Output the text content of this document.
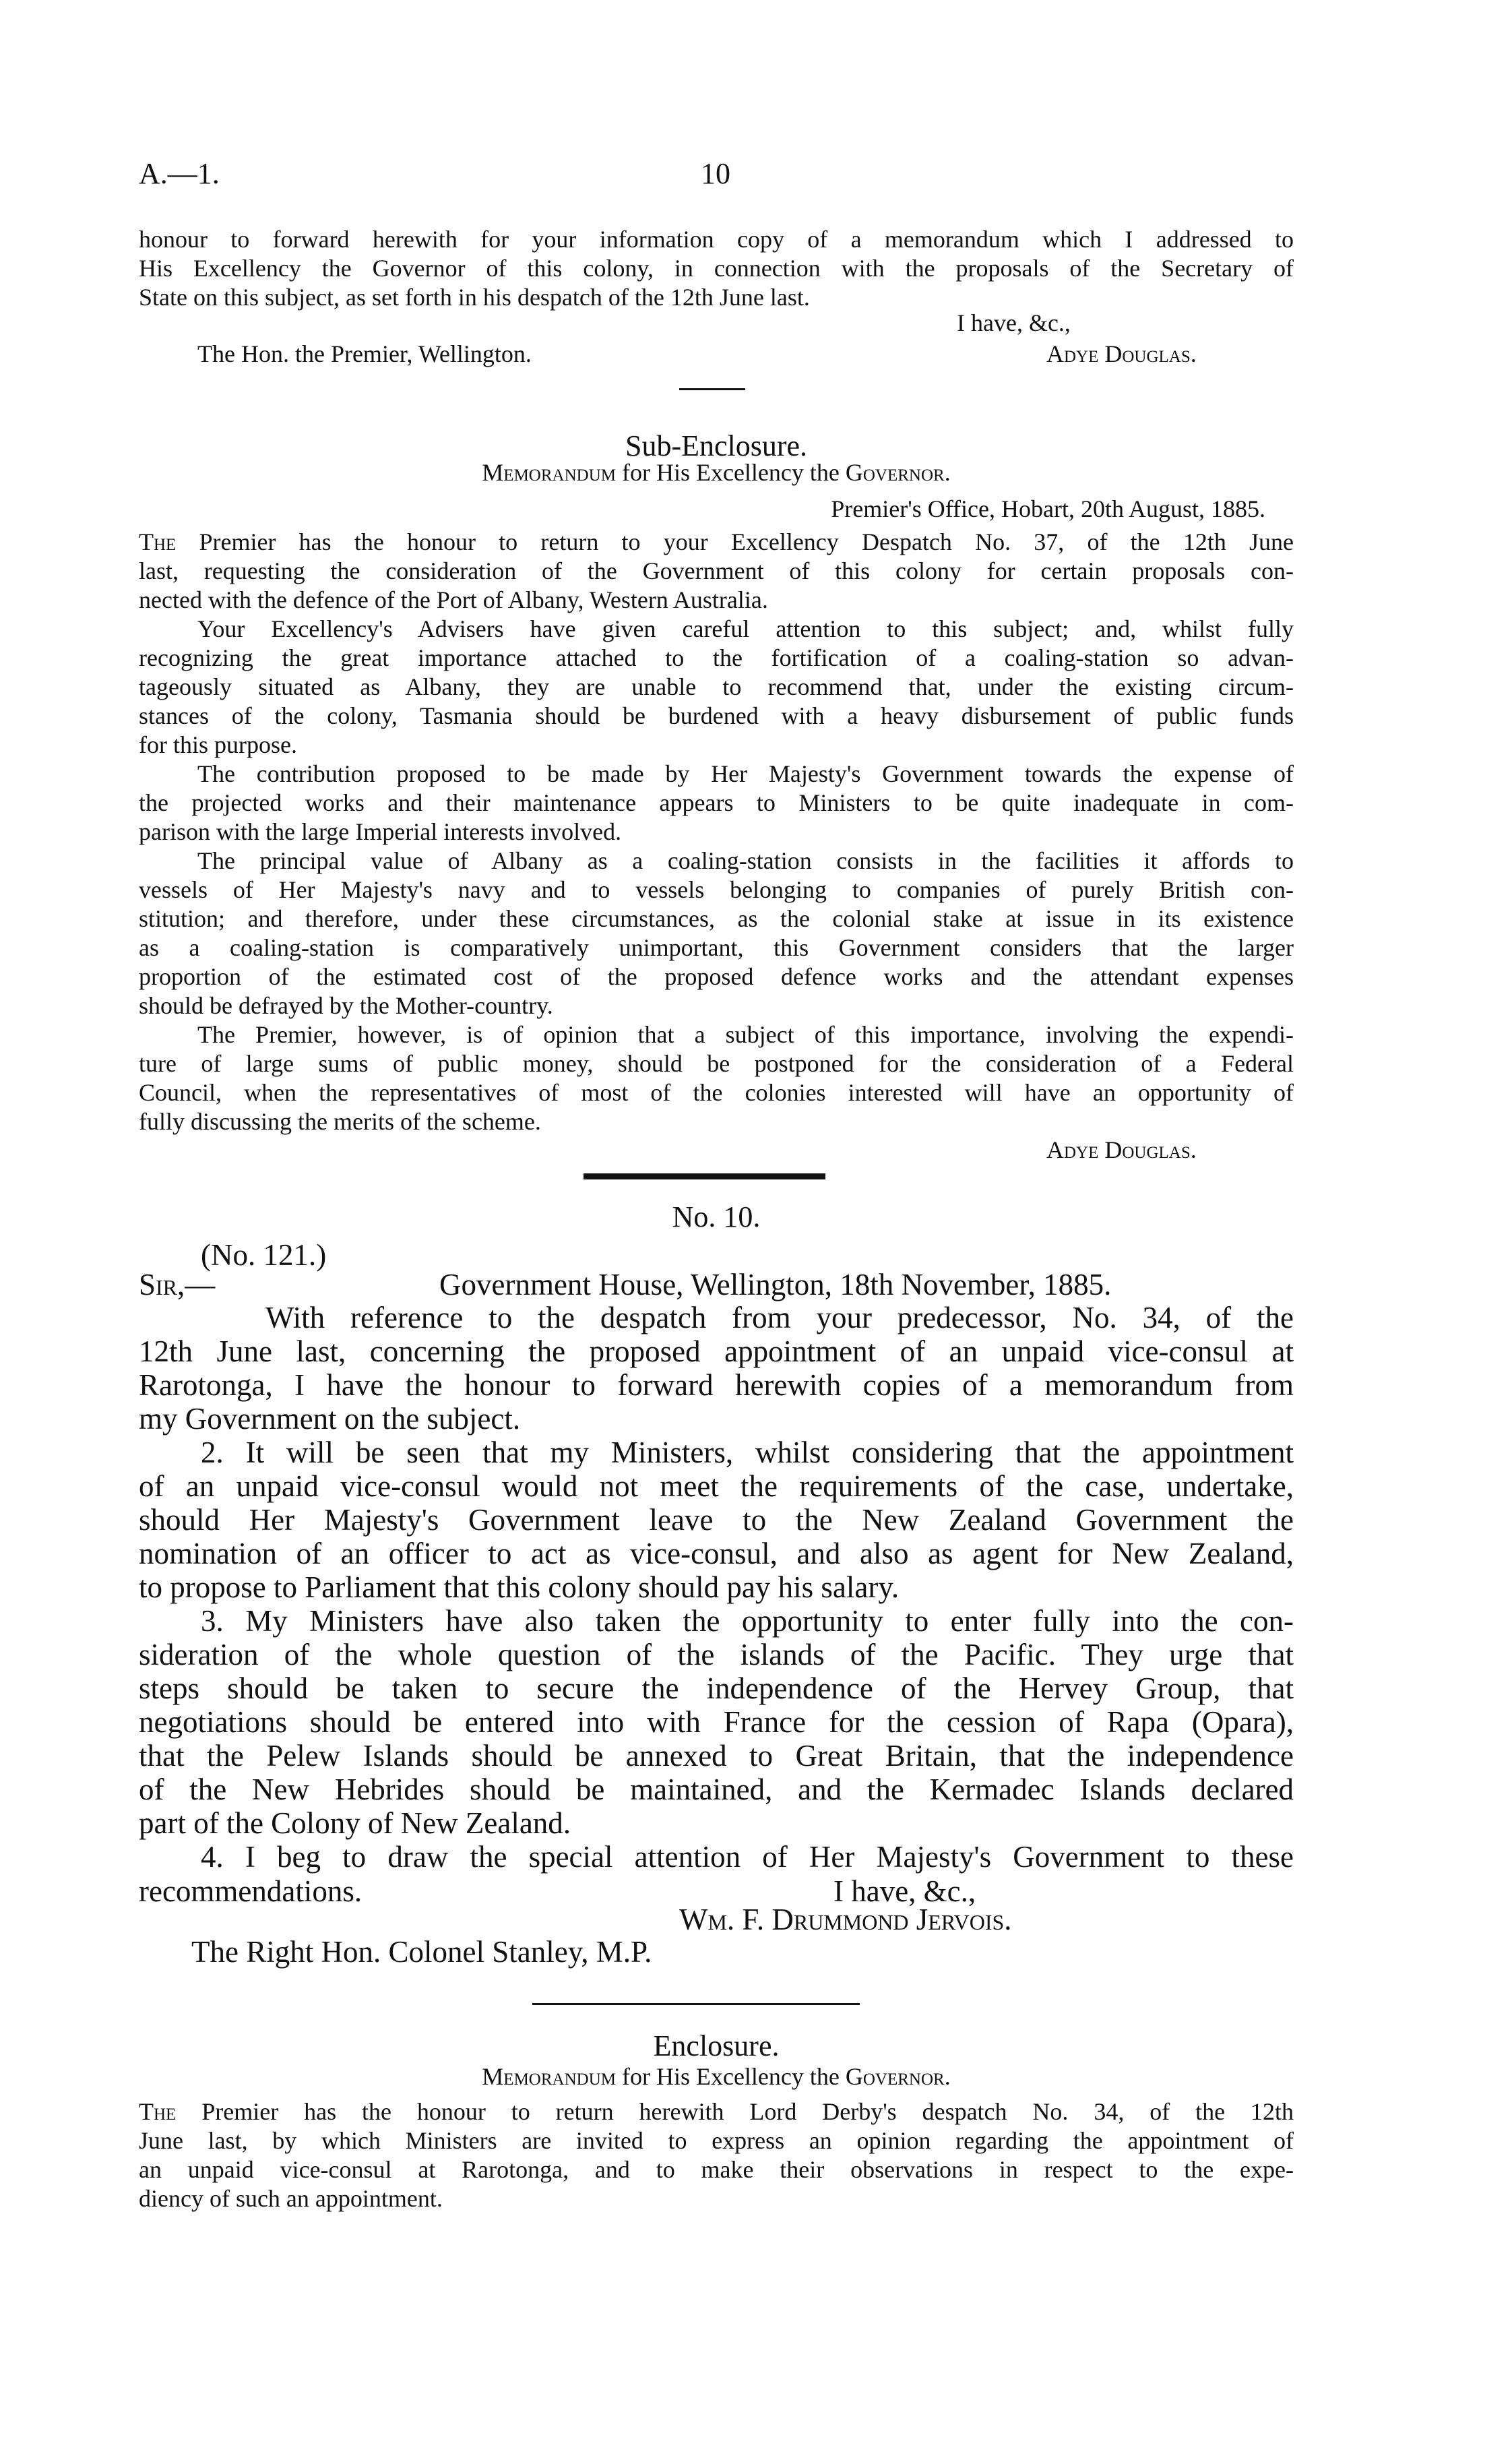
A.—1.	10
honour to forward herewith for your information copy of a memorandum which I addressed to
His Excellency the Governor of this colony, in connection with the proposals of the Secretary of
State on this subject, as set forth in his despatch of the 12th June last.
I have, &c.,
The Hon. the Premier, Wellington.	Adye Douglas.
Sub-Enclosure.
Memorandum for His Excellency the Governor.
Premier's Office, Hobart, 20th August, 1885.
The Premier has the honour to return to your Excellency Despatch No. 37, of the 12th June
last, requesting the consideration of the Government of this colony for certain proposals con-
nected with the defence of the Port of Albany, Western Australia.
Your Excellency's Advisers have given careful attention to this subject; and, whilst fully
recognizing the great importance attached to the fortification of a coaling-station so advan-
tageously situated as Albany, they are unable to recommend that, under the existing circum-
stances of the colony, Tasmania should be burdened with a heavy disbursement of public funds
for this purpose.
The contribution proposed to be made by Her Majesty's Government towards the expense of
the projected works and their maintenance appears to Ministers to be quite inadequate in com-
parison with the large Imperial interests involved.
The principal value of Albany as a coaling-station consists in the facilities it affords to
vessels of Her Majesty's navy and to vessels belonging to companies of purely British con-
stitution; and therefore, under these circumstances, as the colonial stake at issue in its existence
as a coaling-station is comparatively unimportant, this Government considers that the larger
proportion of the estimated cost of the proposed defence works and the attendant expenses
should be defrayed by the Mother-country.
The Premier, however, is of opinion that a subject of this importance, involving the expendi-
ture of large sums of public money, should be postponed for the consideration of a Federal
Council, when the representatives of most of the colonies interested will have an opportunity of
fully discussing the merits of the scheme.
Adye Douglas.
No. 10.
(No. 121.)
Sir,—	Government House, Wellington, 18th November, 1885.
With reference to the despatch from your predecessor, No. 34, of the
12th June last, concerning the proposed appointment of an unpaid vice-consul at
Rarotonga, I have the honour to forward herewith copies of a memorandum from
my Government on the subject.
2. It will be seen that my Ministers, whilst considering that the appointment
of an unpaid vice-consul would not meet the requirements of the case, undertake,
should Her Majesty's Government leave to the New Zealand Government the
nomination of an officer to act as vice-consul, and also as agent for New Zealand,
to propose to Parliament that this colony should pay his salary.
3. My Ministers have also taken the opportunity to enter fully into the con-
sideration of the whole question of the islands of the Pacific. They urge that
steps should be taken to secure the independence of the Hervey Group, that
negotiations should be entered into with France for the cession of Rapa (Opara),
that the Pelew Islands should be annexed to Great Britain, that the independence
of the New Hebrides should be maintained, and the Kermadec Islands declared
part of the Colony of New Zealand.
4. I beg to draw the special attention of Her Majesty's Government to these
recommendations.	I have, &c.,
Wm. F. Drummond Jervois.
The Right Hon. Colonel Stanley, M.P.
Enclosure.
Memorandum for His Excellency the Governor.
The Premier has the honour to return herewith Lord Derby's despatch No. 34, of the 12th
June last, by which Ministers are invited to express an opinion regarding the appointment of
an unpaid vice-consul at Rarotonga, and to make their observations in respect to the expe-
diency of such an appointment.
